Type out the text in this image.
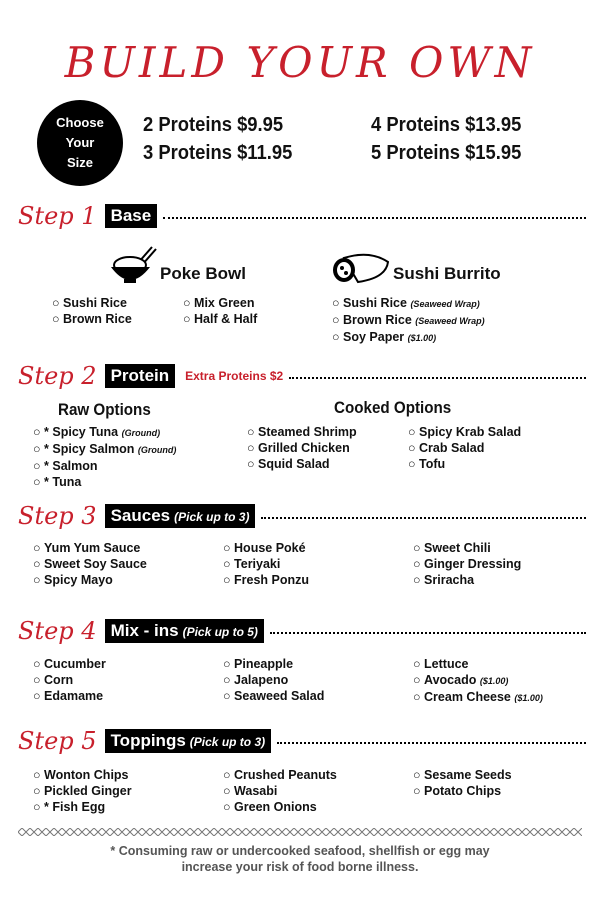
BUILD YOUR OWN
Choose
Your
Size
2 Proteins $9.95
3 Proteins $11.95
4 Proteins $13.95
5 Proteins $15.95
Step 1 Base
Poke Bowl	Sushi Burrito
○ Sushi Rice
○ Brown Rice
○ Mix Green
○ Half & Half
○ Sushi Rice (Seaweed Wrap)
○ Brown Rice (Seaweed Wrap)
○ Soy Paper ($1.00)
Step 2 Protein	Extra Proteins $2
Raw Options	Cooked Options
○ * Spicy Tuna (Ground)
○ * Spicy Salmon (Ground)
○ * Salmon
○ * Tuna
○ Steamed Shrimp
○ Grilled Chicken
○ Squid Salad
○ Spicy Krab Salad
○ Crab Salad
○ Tofu
Step 3 Sauces (Pick up to 3)
○ Yum Yum Sauce
○ Sweet Soy Sauce
○ Spicy Mayo
○ House Poké
○ Teriyaki
○ Fresh Ponzu
○ Sweet Chili
○ Ginger Dressing
○ Sriracha
Step 4 Mix - ins (Pick up to 5)
○ Cucumber
○ Corn
○ Edamame
○ Pineapple
○ Jalapeno
○ Seaweed Salad
○ Lettuce
○ Avocado ($1.00)
○ Cream Cheese ($1.00)
Step 5 Toppings (Pick up to 3)
○ Wonton Chips
○ Pickled Ginger
○ * Fish Egg
○ Crushed Peanuts
○ Wasabi
○ Green Onions
○ Sesame Seeds
○ Potato Chips
* Consuming raw or undercooked seafood, shellfish or egg may
increase your risk of food borne illness.
